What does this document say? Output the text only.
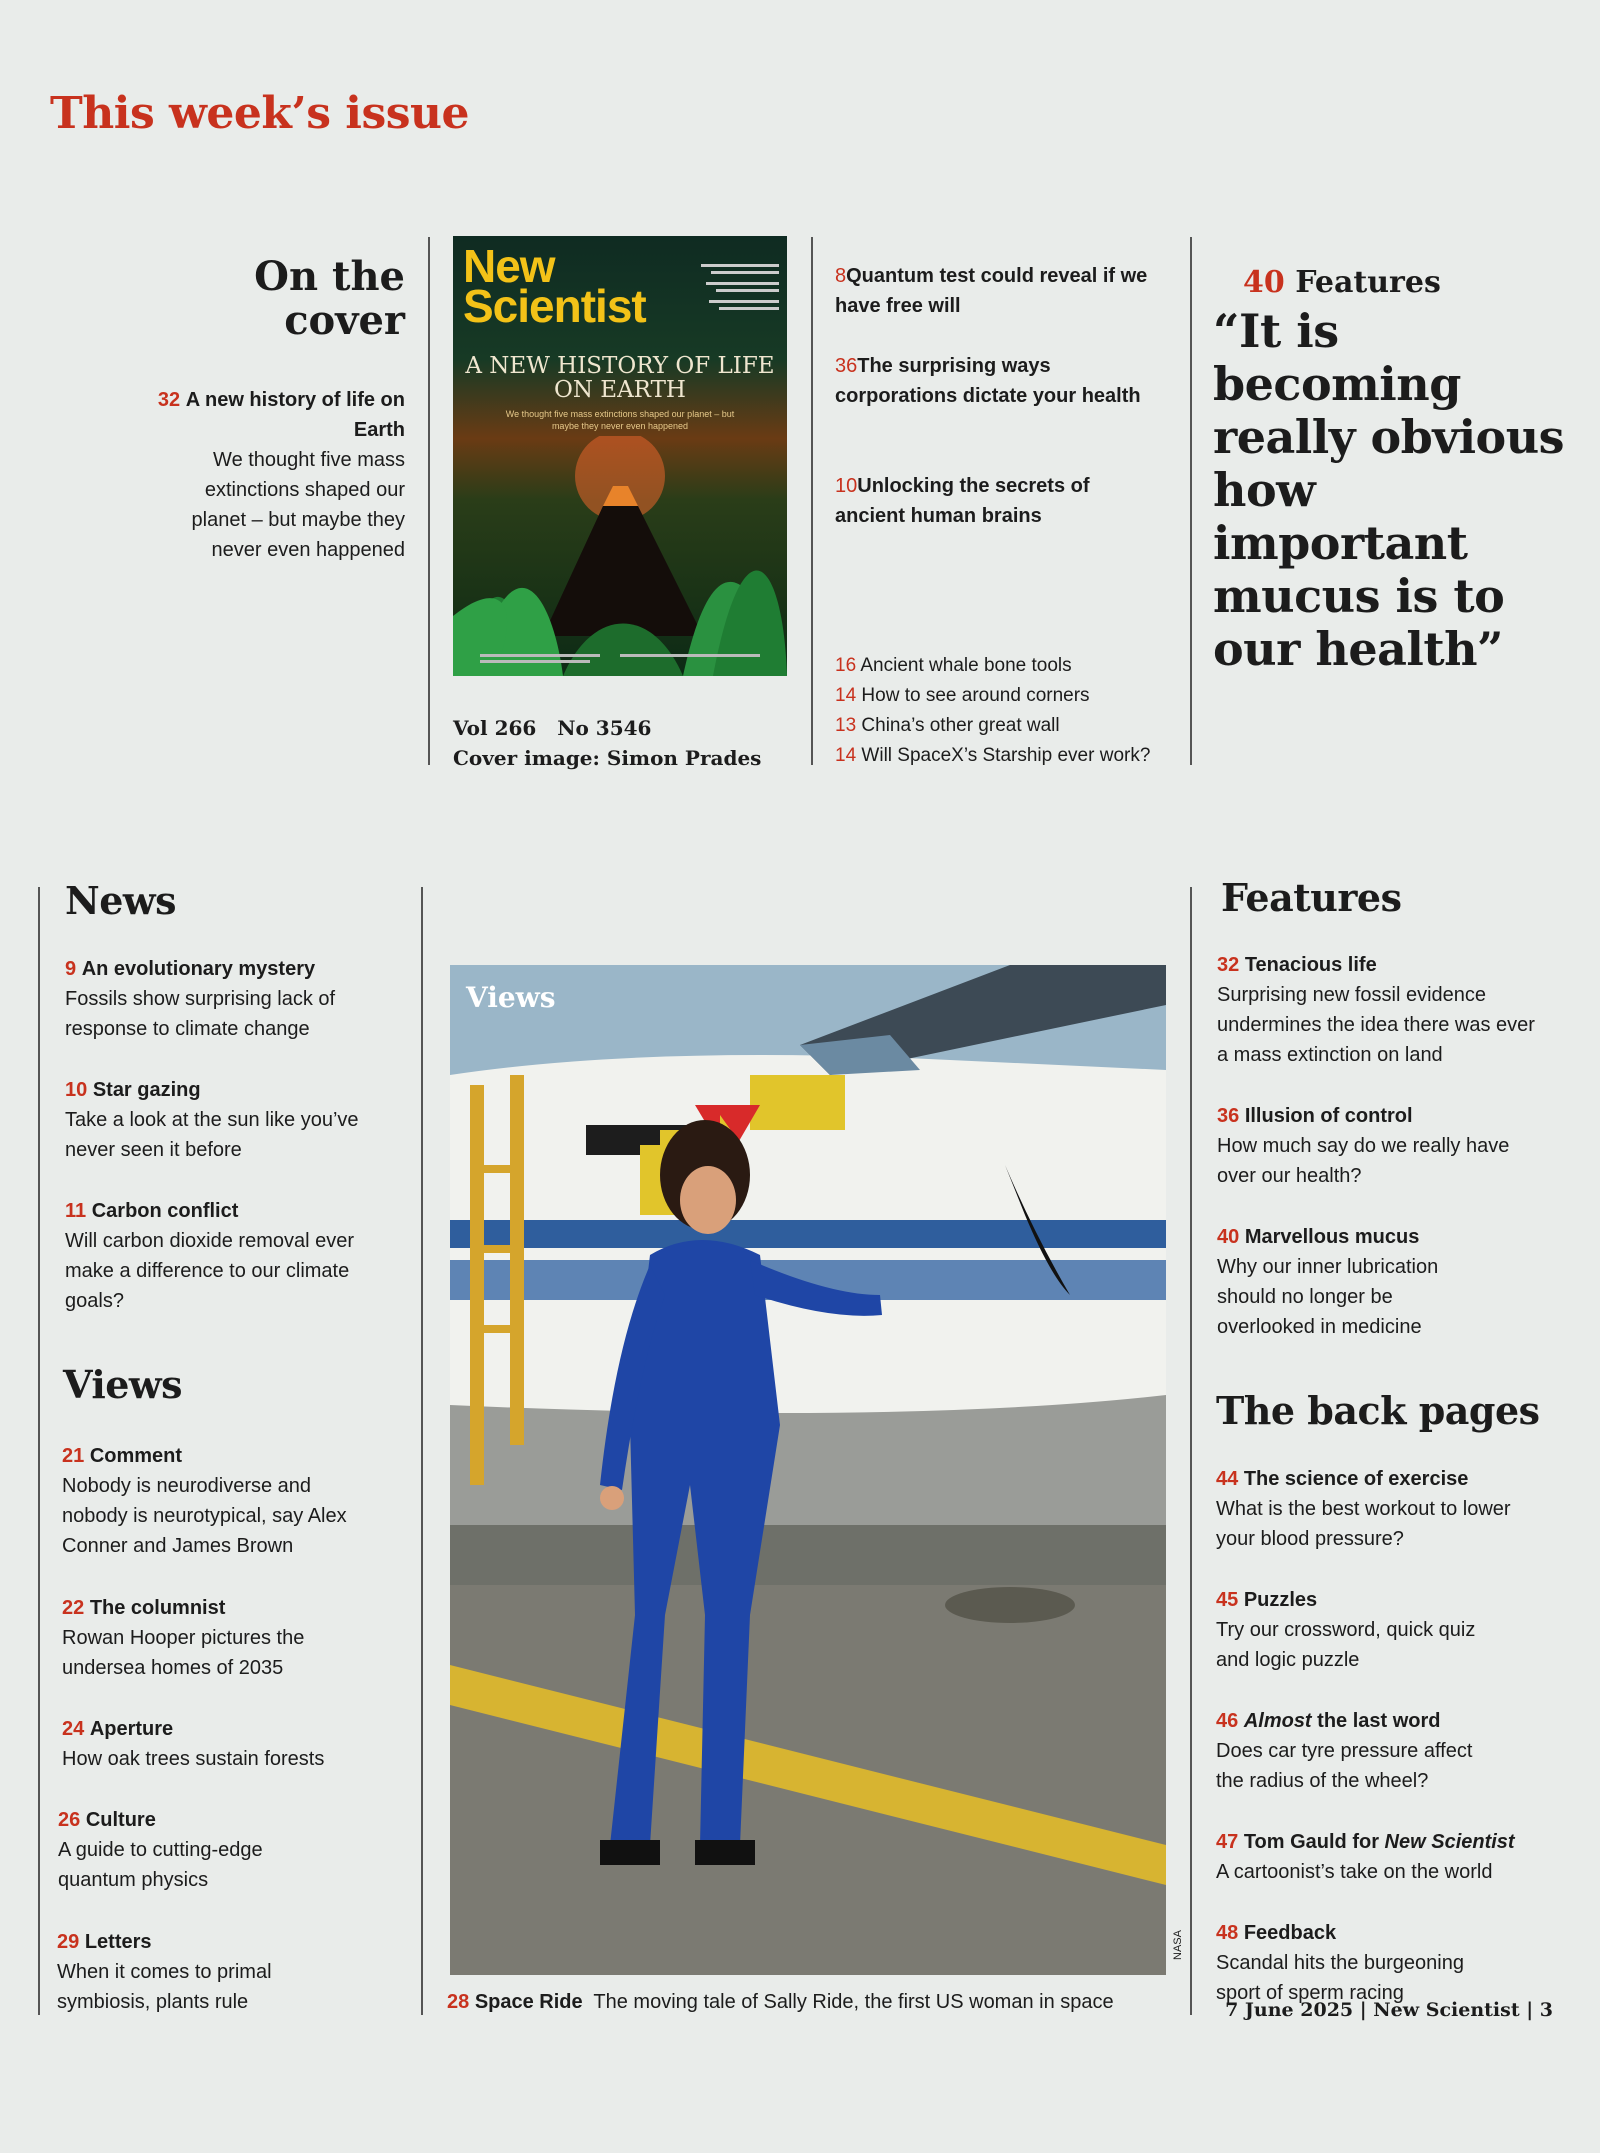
This week’s issue
On the cover
32 A new history of life on Earth
We thought five mass extinctions shaped our planet – but maybe they never even happened
New Scientist
A NEW HISTORY OF LIFE ON EARTH
We thought five mass extinctions shaped our planet – but maybe they never even happened
Vol 266   No 3546
Cover image: Simon Prades
8Quantum test could reveal if we have free will
36The surprising ways corporations dictate your health
10Unlocking the secrets of ancient human brains
16 Ancient whale bone tools
14 How to see around corners
13 China’s other great wall
14 Will SpaceX’s Starship ever work?
40 Features
“It is becoming really obvious how important mucus is to our health”
News
9 An evolutionary mystery
Fossils show surprising lack of response to climate change
10 Star gazing
Take a look at the sun like you’ve never seen it before
11 Carbon conflict
Will carbon dioxide removal ever make a difference to our climate goals?
Views
21 Comment
Nobody is neurodiverse and nobody is neurotypical, say Alex Conner and James Brown
22 The columnist
Rowan Hooper pictures the undersea homes of 2035
24 Aperture
How oak trees sustain forests
26 Culture
A guide to cutting-edge quantum physics
29 Letters
When it comes to primal symbiosis, plants rule
Views
NASA
28 Space Ride The moving tale of Sally Ride, the first US woman in space
Features
32 Tenacious life
Surprising new fossil evidence undermines the idea there was ever a mass extinction on land
36 Illusion of control
How much say do we really have over our health?
40 Marvellous mucus
Why our inner lubrication should no longer be overlooked in medicine
The back pages
44 The science of exercise
What is the best workout to lower your blood pressure?
45 Puzzles
Try our crossword, quick quiz and logic puzzle
46 Almost the last word
Does car tyre pressure affect the radius of the wheel?
47 Tom Gauld for New Scientist
A cartoonist’s take on the world
48 Feedback
Scandal hits the burgeoning sport of sperm racing
7 June 2025 | New Scientist | 3
